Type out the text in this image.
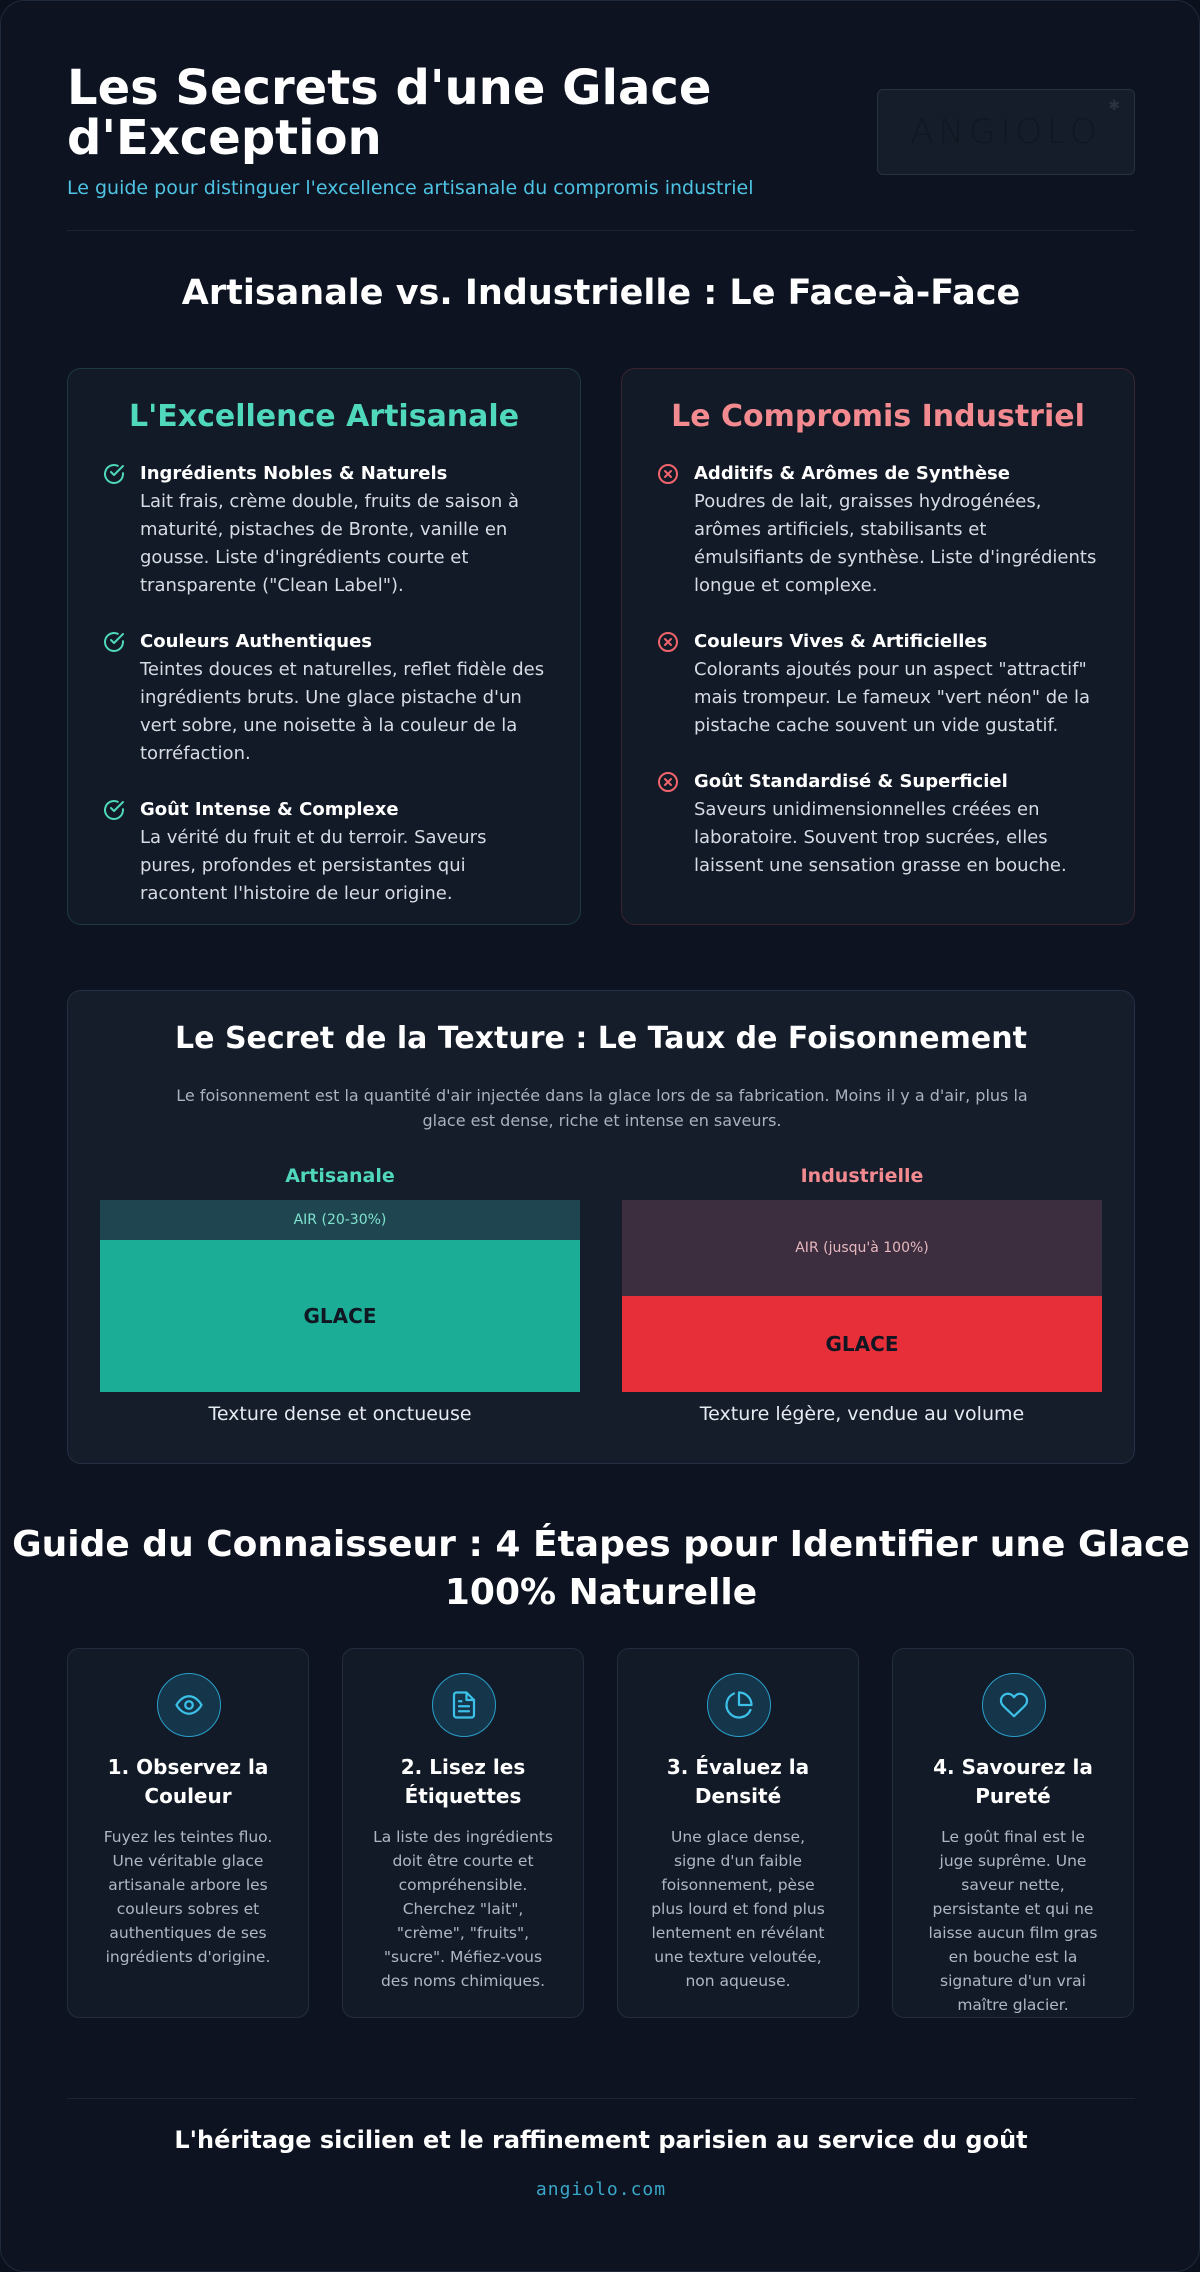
Les Secrets d'une Glace d'Exception
Le guide pour distinguer l'excellence artisanale du compromis industriel
ANGIOLO
✱
Artisanale vs. Industrielle : Le Face-à-Face
L'Excellence Artisanale
Ingrédients Nobles & Naturels
Lait frais, crème double, fruits de saison à maturité, pistaches de Bronte, vanille en gousse. Liste d'ingrédients courte et transparente ("Clean Label").
Couleurs Authentiques
Teintes douces et naturelles, reflet fidèle des ingrédients bruts. Une glace pistache d'un vert sobre, une noisette à la couleur de la torréfaction.
Goût Intense & Complexe
La vérité du fruit et du terroir. Saveurs pures, profondes et persistantes qui racontent l'histoire de leur origine.
Le Compromis Industriel
Additifs & Arômes de Synthèse
Poudres de lait, graisses hydrogénées, arômes artificiels, stabilisants et émulsifiants de synthèse. Liste d'ingrédients longue et complexe.
Couleurs Vives & Artificielles
Colorants ajoutés pour un aspect "attractif" mais trompeur. Le fameux "vert néon" de la pistache cache souvent un vide gustatif.
Goût Standardisé & Superficiel
Saveurs unidimensionnelles créées en laboratoire. Souvent trop sucrées, elles laissent une sensation grasse en bouche.
Le Secret de la Texture : Le Taux de Foisonnement
Le foisonnement est la quantité d'air injectée dans la glace lors de sa fabrication. Moins il y a d'air, plus la glace est dense, riche et intense en saveurs.
Artisanale
AIR (20-30%)
GLACE
Texture dense et onctueuse
Industrielle
AIR (jusqu'à 100%)
GLACE
Texture légère, vendue au volume
Guide du Connaisseur : 4 Étapes pour Identifier une Glace 100% Naturelle
1. Observez la Couleur
Fuyez les teintes fluo. Une véritable glace artisanale arbore les couleurs sobres et authentiques de ses ingrédients d'origine.
2. Lisez les Étiquettes
La liste des ingrédients doit être courte et compréhensible. Cherchez "lait", "crème", "fruits", "sucre". Méfiez-vous des noms chimiques.
3. Évaluez la Densité
Une glace dense, signe d'un faible foisonnement, pèse plus lourd et fond plus lentement en révélant une texture veloutée, non aqueuse.
4. Savourez la Pureté
Le goût final est le juge suprême. Une saveur nette, persistante et qui ne laisse aucun film gras en bouche est la signature d'un vrai maître glacier.
L'héritage sicilien et le raffinement parisien au service du goût
angiolo.com
